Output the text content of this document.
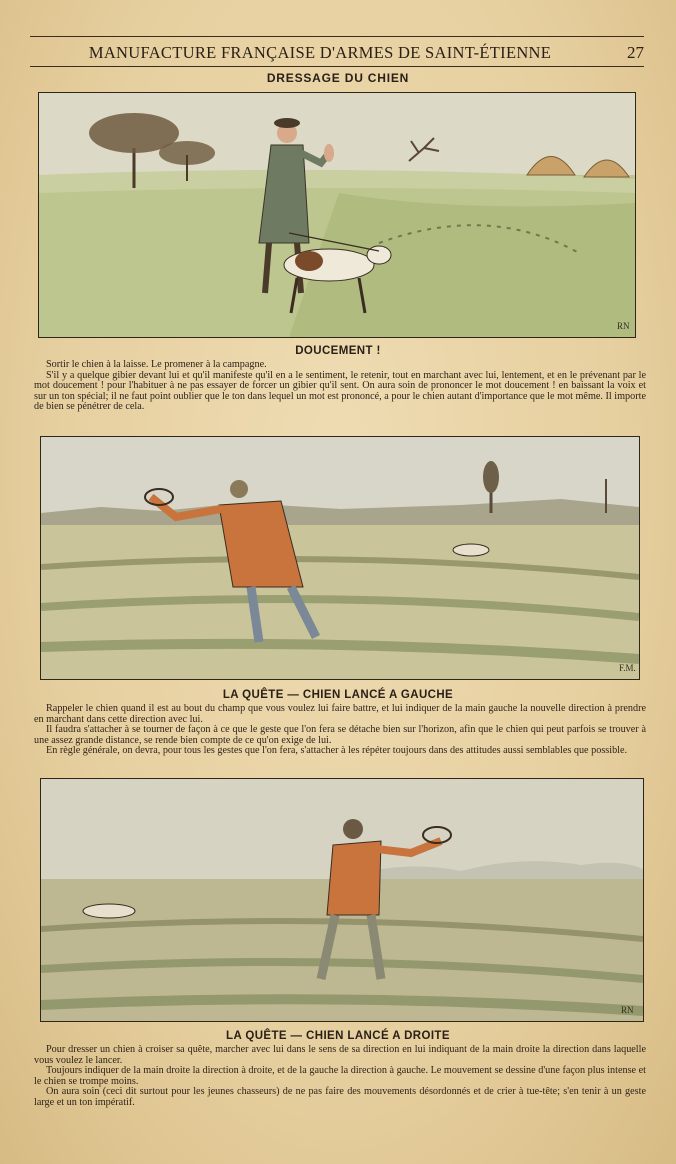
MANUFACTURE FRANÇAISE D'ARMES DE SAINT-ÉTIENNE	27
DRESSAGE DU CHIEN
RN
DOUCEMENT !

Sortir le chien à la laisse. Le promener à la campagne.

S'il y a quelque gibier devant lui et qu'il manifeste qu'il en a le sentiment, le retenir, tout en marchant avec lui, lentement, et en le prévenant par le mot doucement ! pour l'habituer à ne pas essayer de forcer un gibier qu'il sent. On aura soin de prononcer le mot doucement ! en baissant la voix et sur un ton spécial; il ne faut point oublier que le ton dans lequel un mot est prononcé, a pour le chien autant d'importance que le mot même. Il importe de bien se pénétrer de cela.

F.M.
LA QUÊTE — CHIEN LANCÉ A GAUCHE

Rappeler le chien quand il est au bout du champ que vous voulez lui faire battre, et lui indiquer de la main gauche la nouvelle direction à prendre en marchant dans cette direction avec lui.

Il faudra s'attacher à se tourner de façon à ce que le geste que l'on fera se détache bien sur l'horizon, afin que le chien qui peut parfois se trouver à une assez grande distance, se rende bien compte de ce qu'on exige de lui.

En règle générale, on devra, pour tous les gestes que l'on fera, s'attacher à les répéter toujours dans des attitudes aussi semblables que possible.

RN
LA QUÊTE — CHIEN LANCÉ A DROITE

Pour dresser un chien à croiser sa quête, marcher avec lui dans le sens de sa direction en lui indiquant de la main droite la direction dans laquelle vous voulez le lancer.

Toujours indiquer de la main droite la direction à droite, et de la gauche la direction à gauche. Le mouvement se dessine d'une façon plus intense et le chien se trompe moins.

On aura soin (ceci dit surtout pour les jeunes chasseurs) de ne pas faire des mouvements désordonnés et de crier à tue-tête; s'en tenir à un geste large et un ton impératif.
